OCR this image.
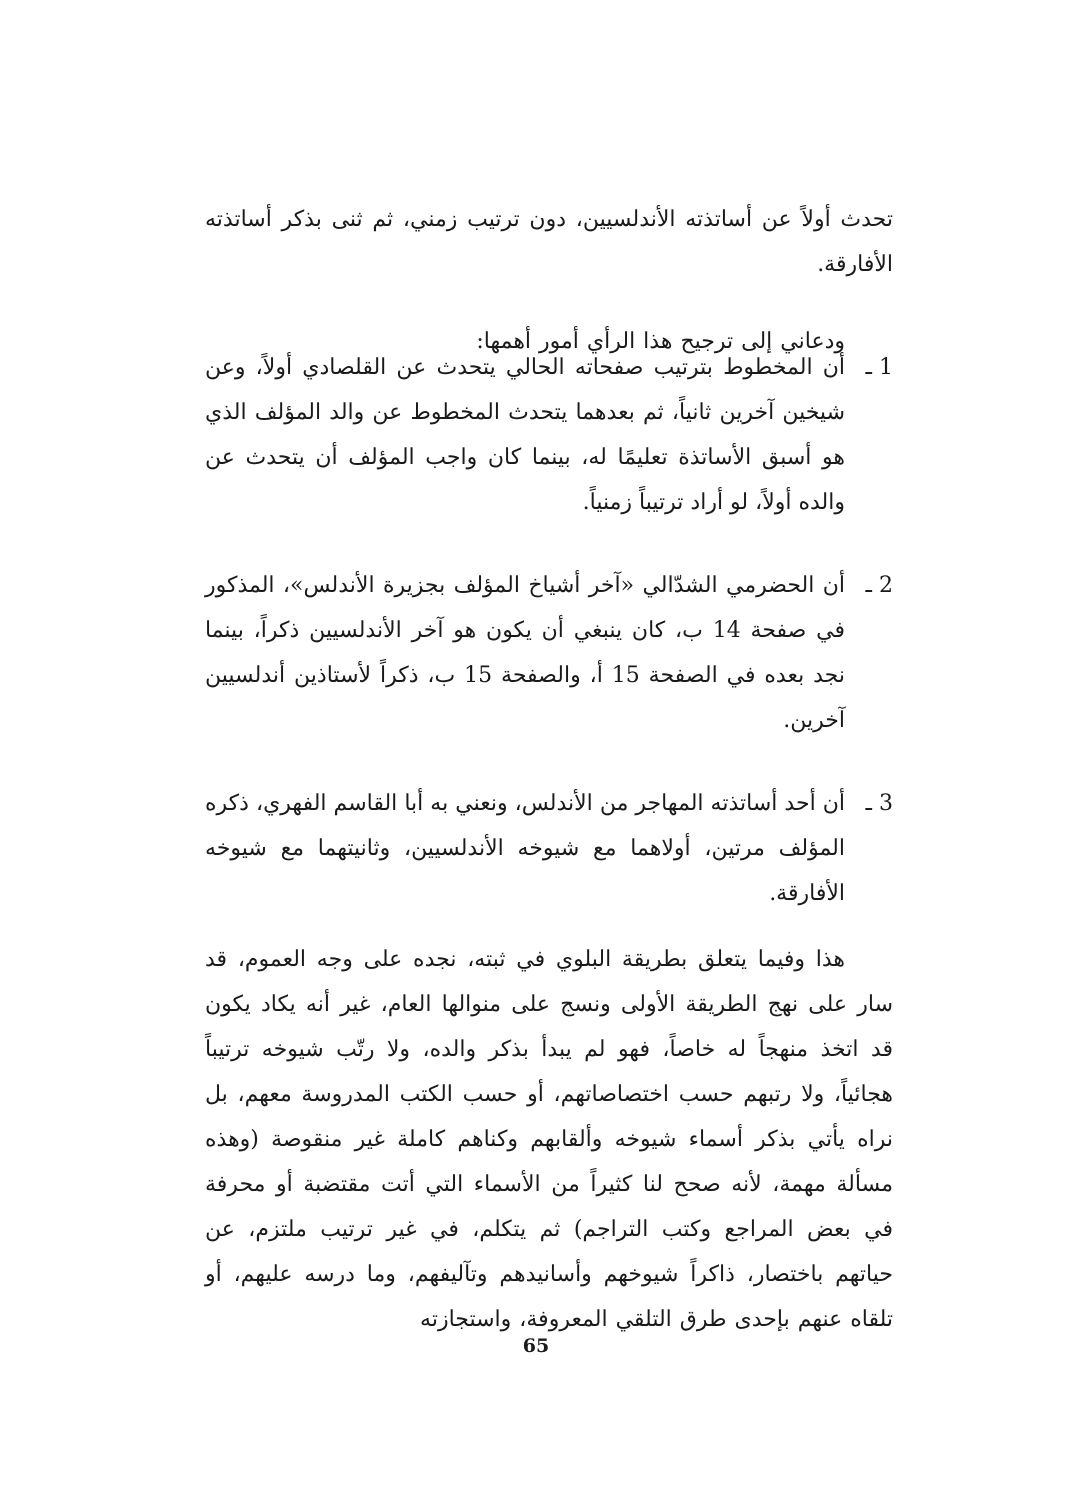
تحدث أولاً عن أساتذته الأندلسيين، دون ترتيب زمني، ثم ثنى بذكر أساتذته الأفارقة.

ودعاني إلى ترجيح هذا الرأي أمور أهمها:

1 ـ
أن المخطوط بترتيب صفحاته الحالي يتحدث عن القلصادي أولاً، وعن شيخين آخرين ثانياً، ثم بعدهما يتحدث المخطوط عن والد المؤلف الذي هو أسبق الأساتذة تعليمًا له، بينما كان واجب المؤلف أن يتحدث عن والده أولاً، لو أراد ترتيباً زمنياً.
2 ـ
أن الحضرمي الشدّالي «آخر أشياخ المؤلف بجزيرة الأندلس»، المذكور في صفحة 14 ب، كان ينبغي أن يكون هو آخر الأندلسيين ذكراً، بينما نجد بعده في الصفحة 15 أ، والصفحة 15 ب، ذكراً لأستاذين أندلسيين آخرين.
3 ـ
أن أحد أساتذته المهاجر من الأندلس، ونعني به أبا القاسم الفهري، ذكره المؤلف مرتين، أولاهما مع شيوخه الأندلسيين، وثانيتهما مع شيوخه الأفارقة.

هذا وفيما يتعلق بطريقة البلوي في ثبته، نجده على وجه العموم، قد سار على نهج الطريقة الأولى ونسج على منوالها العام، غير أنه يكاد يكون قد اتخذ منهجاً له خاصاً، فهو لم يبدأ بذكر والده، ولا رتّب شيوخه ترتيباً هجائياً، ولا رتبهم حسب اختصاصاتهم، أو حسب الكتب المدروسة معهم، بل نراه يأتي بذكر أسماء شيوخه وألقابهم وكناهم كاملة غير منقوصة (وهذه مسألة مهمة، لأنه صحح لنا كثيراً من الأسماء التي أتت مقتضبة أو محرفة في بعض المراجع وكتب التراجم) ثم يتكلم، في غير ترتيب ملتزم، عن حياتهم باختصار، ذاكراً شيوخهم وأسانيدهم وتآليفهم، وما درسه عليهم، أو تلقاه عنهم بإحدى طرق التلقي المعروفة، واستجازته

65
